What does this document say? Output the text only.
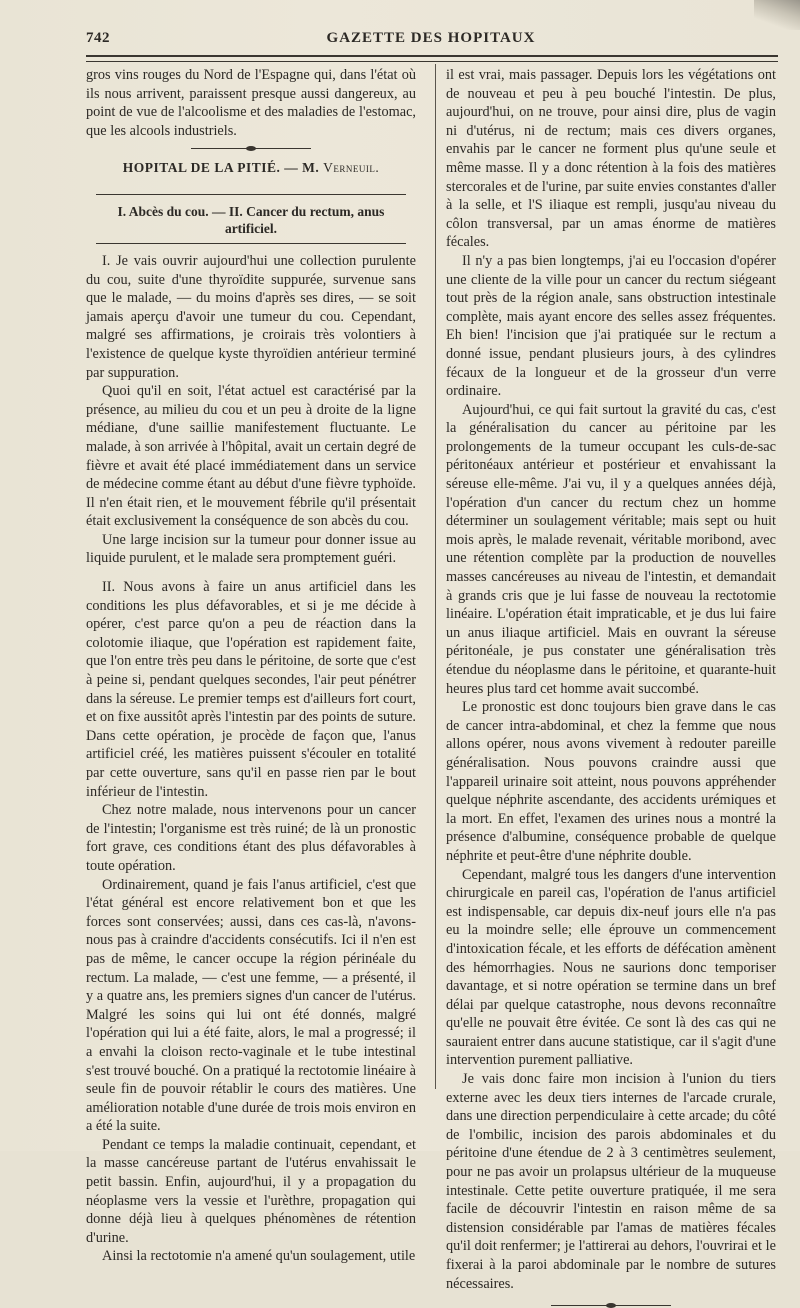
742	GAZETTE DES HOPITAUX

gros vins rouges du Nord de l'Espagne qui, dans l'état où ils nous arrivent, paraissent presque aussi dangereux, au point de vue de l'alcoolisme et des maladies de l'estomac, que les alcools industriels.

HOPITAL DE LA PITIÉ. — M. Verneuil.
I. Abcès du cou. — II. Cancer du rectum, anus artificiel.

I. Je vais ouvrir aujourd'hui une collection purulente du cou, suite d'une thyroïdite suppurée, survenue sans que le malade, — du moins d'après ses dires, — se soit jamais aperçu d'avoir une tumeur du cou. Cependant, malgré ses affirmations, je croirais très volontiers à l'existence de quelque kyste thyroïdien antérieur terminé par suppuration.

Quoi qu'il en soit, l'état actuel est caractérisé par la présence, au milieu du cou et un peu à droite de la ligne médiane, d'une saillie manifestement fluctuante. Le malade, à son arrivée à l'hôpital, avait un certain degré de fièvre et avait été placé immédiatement dans un service de médecine comme étant au début d'une fièvre typhoïde. Il n'en était rien, et le mouvement fébrile qu'il présentait était exclusivement la conséquence de son abcès du cou.

Une large incision sur la tumeur pour donner issue au liquide purulent, et le malade sera promptement guéri.

II. Nous avons à faire un anus artificiel dans les conditions les plus défavorables, et si je me décide à opérer, c'est parce qu'on a peu de réaction dans la colotomie iliaque, que l'opération est rapidement faite, que l'on entre très peu dans le péritoine, de sorte que c'est à peine si, pendant quelques secondes, l'air peut pénétrer dans la séreuse. Le premier temps est d'ailleurs fort court, et on fixe aussitôt après l'intestin par des points de suture. Dans cette opération, je procède de façon que, l'anus artificiel créé, les matières puissent s'écouler en totalité par cette ouverture, sans qu'il en passe rien par le bout inférieur de l'intestin.

Chez notre malade, nous intervenons pour un cancer de l'intestin; l'organisme est très ruiné; de là un pronostic fort grave, ces conditions étant des plus défavorables à toute opération.

Ordinairement, quand je fais l'anus artificiel, c'est que l'état général est encore relativement bon et que les forces sont conservées; aussi, dans ces cas-là, n'avons-nous pas à craindre d'accidents consécutifs. Ici il n'en est pas de même, le cancer occupe la région périnéale du rectum. La malade, — c'est une femme, — a présenté, il y a quatre ans, les premiers signes d'un cancer de l'utérus. Malgré les soins qui lui ont été donnés, malgré l'opération qui lui a été faite, alors, le mal a progressé; il a envahi la cloison recto-vaginale et le tube intestinal s'est trouvé bouché. On a pratiqué la rectotomie linéaire à seule fin de pouvoir rétablir le cours des matières. Une amélioration notable d'une durée de trois mois environ en a été la suite.

Pendant ce temps la maladie continuait, cependant, et la masse cancéreuse partant de l'utérus envahissait le petit bassin. Enfin, aujourd'hui, il y a propagation du néoplasme vers la vessie et l'urèthre, propagation qui donne déjà lieu à quelques phénomènes de rétention d'urine.

Ainsi la rectotomie n'a amené qu'un soulagement, utile

il est vrai, mais passager. Depuis lors les végétations ont de nouveau et peu à peu bouché l'intestin. De plus, aujourd'hui, on ne trouve, pour ainsi dire, plus de vagin ni d'utérus, ni de rectum; mais ces divers organes, envahis par le cancer ne forment plus qu'une seule et même masse. Il y a donc rétention à la fois des matières stercorales et de l'urine, par suite envies constantes d'aller à la selle, et l'S iliaque est rempli, jusqu'au niveau du côlon transversal, par un amas énorme de matières fécales.

Il n'y a pas bien longtemps, j'ai eu l'occasion d'opérer une cliente de la ville pour un cancer du rectum siégeant tout près de la région anale, sans obstruction intestinale complète, mais ayant encore des selles assez fréquentes. Eh bien! l'incision que j'ai pratiquée sur le rectum a donné issue, pendant plusieurs jours, à des cylindres fécaux de la longueur et de la grosseur d'un verre ordinaire.

Aujourd'hui, ce qui fait surtout la gravité du cas, c'est la généralisation du cancer au péritoine par les prolongements de la tumeur occupant les culs-de-sac péritonéaux antérieur et postérieur et envahissant la séreuse elle-même. J'ai vu, il y a quelques années déjà, l'opération d'un cancer du rectum chez un homme déterminer un soulagement véritable; mais sept ou huit mois après, le malade revenait, véritable moribond, avec une rétention complète par la production de nouvelles masses cancéreuses au niveau de l'intestin, et demandait à grands cris que je lui fasse de nouveau la rectotomie linéaire. L'opération était impraticable, et je dus lui faire un anus iliaque artificiel. Mais en ouvrant la séreuse péritonéale, je pus constater une généralisation très étendue du néoplasme dans le péritoine, et quarante-huit heures plus tard cet homme avait succombé.

Le pronostic est donc toujours bien grave dans le cas de cancer intra-abdominal, et chez la femme que nous allons opérer, nous avons vivement à redouter pareille généralisation. Nous pouvons craindre aussi que l'appareil urinaire soit atteint, nous pouvons appréhender quelque néphrite ascendante, des accidents urémiques et la mort. En effet, l'examen des urines nous a montré la présence d'albumine, conséquence probable de quelque néphrite et peut-être d'une néphrite double.

Cependant, malgré tous les dangers d'une intervention chirurgicale en pareil cas, l'opération de l'anus artificiel est indispensable, car depuis dix-neuf jours elle n'a pas eu la moindre selle; elle éprouve un commencement d'intoxication fécale, et les efforts de défécation amènent des hémorrhagies. Nous ne saurions donc temporiser davantage, et si notre opération se termine dans un bref délai par quelque catastrophe, nous devons reconnaître qu'elle ne pouvait être évitée. Ce sont là des cas qui ne sauraient entrer dans aucune statistique, car il s'agit d'une intervention purement palliative.

Je vais donc faire mon incision à l'union du tiers externe avec les deux tiers internes de l'arcade crurale, dans une direction perpendiculaire à cette arcade; du côté de l'ombilic, incision des parois abdominales et du péritoine d'une étendue de 2 à 3 centimètres seulement, pour ne pas avoir un prolapsus ultérieur de la muqueuse intestinale. Cette petite ouverture pratiquée, il me sera facile de découvrir l'intestin en raison même de sa distension considérable par l'amas de matières fécales qu'il doit renfermer; je l'attirerai au dehors, l'ouvrirai et le fixerai à la paroi abdominale par le nombre de sutures nécessaires.
